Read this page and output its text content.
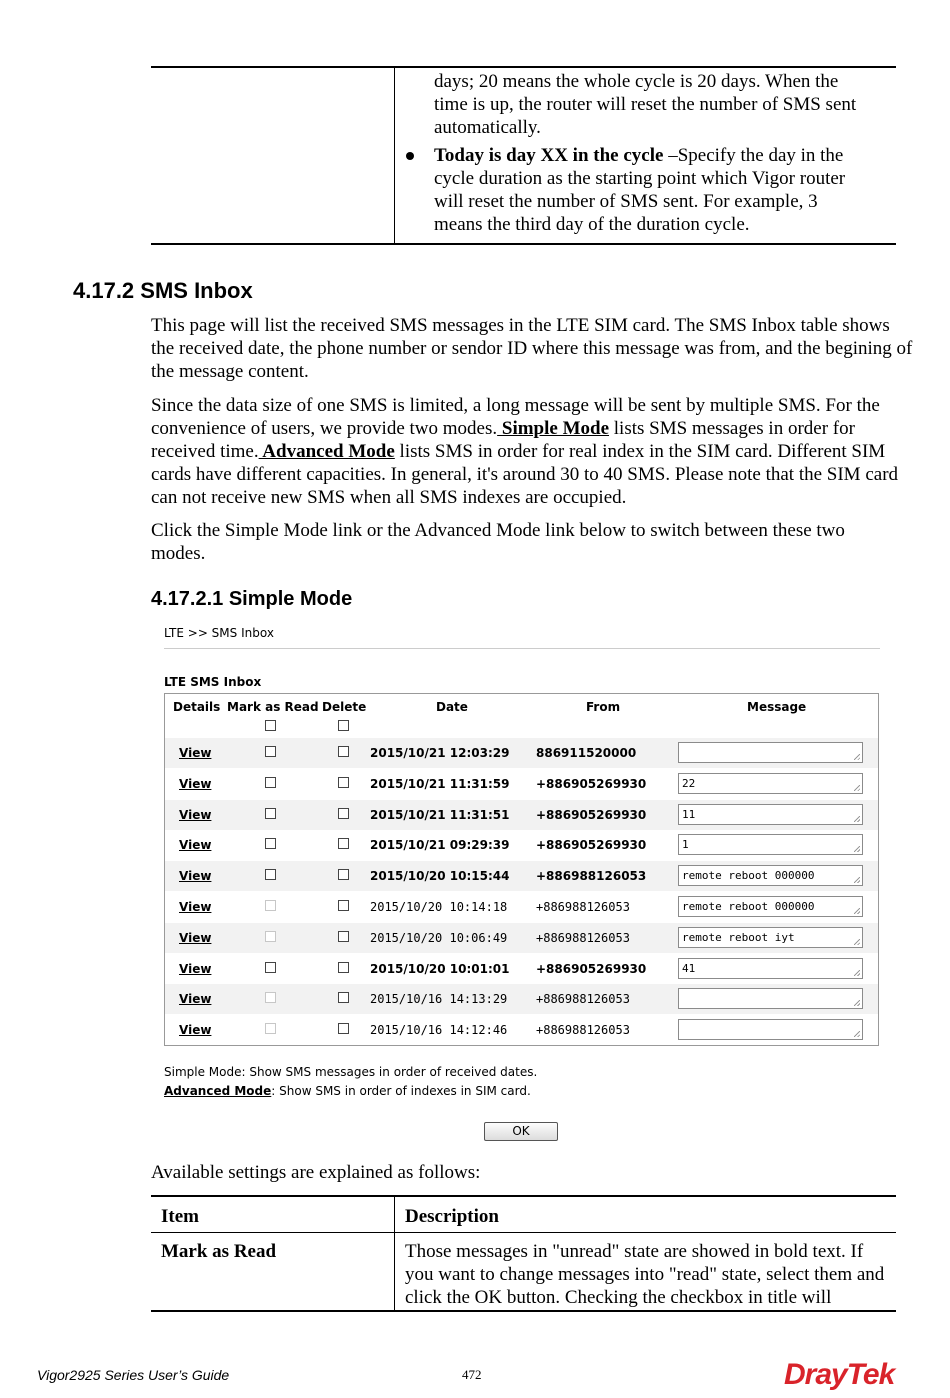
days; 20 means the whole cycle is 20 days. When the
time is up, the router will reset the number of SMS sent
automatically.
Today is day XX in the cycle –Specify the day in the
cycle duration as the starting point which Vigor router
will reset the number of SMS sent. For example, 3
means the third day of the duration cycle.
4.17.2 SMS Inbox

This page will list the received SMS messages in the LTE SIM card. The SMS Inbox table shows the received date, the phone number or sendor ID where this message was from, and the begining of the message content.

Since the data size of one SMS is limited, a long message will be sent by multiple SMS. For the convenience of users, we provide two modes. Simple Mode lists SMS messages in order for received time. Advanced Mode lists SMS in order for real index in the SIM card. Different SIM cards have different capacities. In general, it's around 30 to 40 SMS. Please note that the SIM card can not receive new SMS when all SMS indexes are occupied.

Click the Simple Mode link or the Advanced Mode link below to switch between these two modes.

4.17.2.1 Simple Mode
LTE >> SMS Inbox
LTE SMS Inbox
Details Mark as Read Delete	Date	From	Message
View	2015/10/21 12:03:29 886911520000
View	2015/10/21 11:31:59 +886905269930	22
View	2015/10/21 11:31:51 +886905269930	11
View	2015/10/21 09:29:39 +886905269930	1
View	2015/10/20 10:15:44 +886988126053	remote reboot 000000
View	2015/10/20 10:14:18 +886988126053	remote reboot 000000
View	2015/10/20 10:06:49 +886988126053	remote reboot iyt
View	2015/10/20 10:01:01 +886905269930	41
View	2015/10/16 14:13:29 +886988126053
View	2015/10/16 14:12:46 +886988126053
Simple Mode: Show SMS messages in order of received dates.
Advanced Mode: Show SMS in order of indexes in SIM card.
OK

Available settings are explained as follows:

Item	Description
Mark as Read	Those messages in "unread" state are showed in bold text. If you want to change messages into "read" state, select them and click the OK button. Checking the checkbox in title will
Vigor2925 Series User’s Guide	472	DrayTek
